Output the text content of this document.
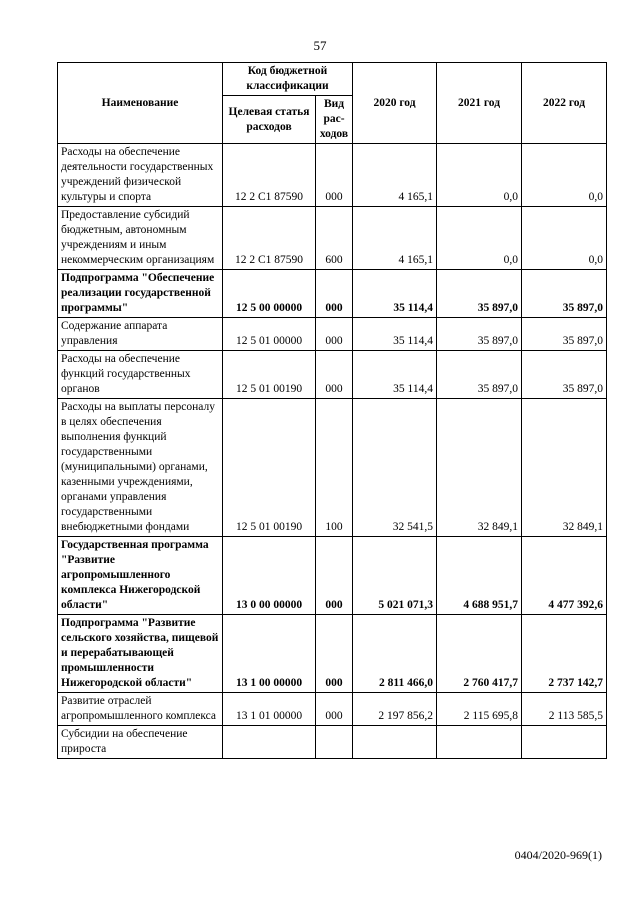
57
Наименование	Код бюджетной классификации		2020 год	2021 год	2022 год
	Целевая статья расходов	Вид рас-ходов			
Расходы на обеспечение деятельности государственных учреждений физической культуры и спорта	12 2 C1 87590	000	4 165,1	0,0	0,0
Предоставление субсидий бюджетным, автономным учреждениям и иным некоммерческим организациям	12 2 C1 87590	600	4 165,1	0,0	0,0
Подпрограмма "Обеспечение реализации государственной программы"	12 5 00 00000	000	35 114,4	35 897,0	35 897,0
Содержание аппарата управления	12 5 01 00000	000	35 114,4	35 897,0	35 897,0
Расходы на обеспечение функций государственных органов	12 5 01 00190	000	35 114,4	35 897,0	35 897,0
Расходы на выплаты персоналу в целях обеспечения выполнения функций государственными (муниципальными) органами, казенными учреждениями, органами управления государственными внебюджетными фондами	12 5 01 00190	100	32 541,5	32 849,1	32 849,1
Государственная программа "Развитие агропромышленного комплекса Нижегородской области"	13 0 00 00000	000	5 021 071,3	4 688 951,7	4 477 392,6
Подпрограмма "Развитие сельского хозяйства, пищевой и перерабатывающей промышленности Нижегородской области"	13 1 00 00000	000	2 811 466,0	2 760 417,7	2 737 142,7
Развитие отраслей агропромышленного комплекса	13 1 01 00000	000	2 197 856,2	2 115 695,8	2 113 585,5
Субсидии на обеспечение прироста					
0404/2020-969(1)
